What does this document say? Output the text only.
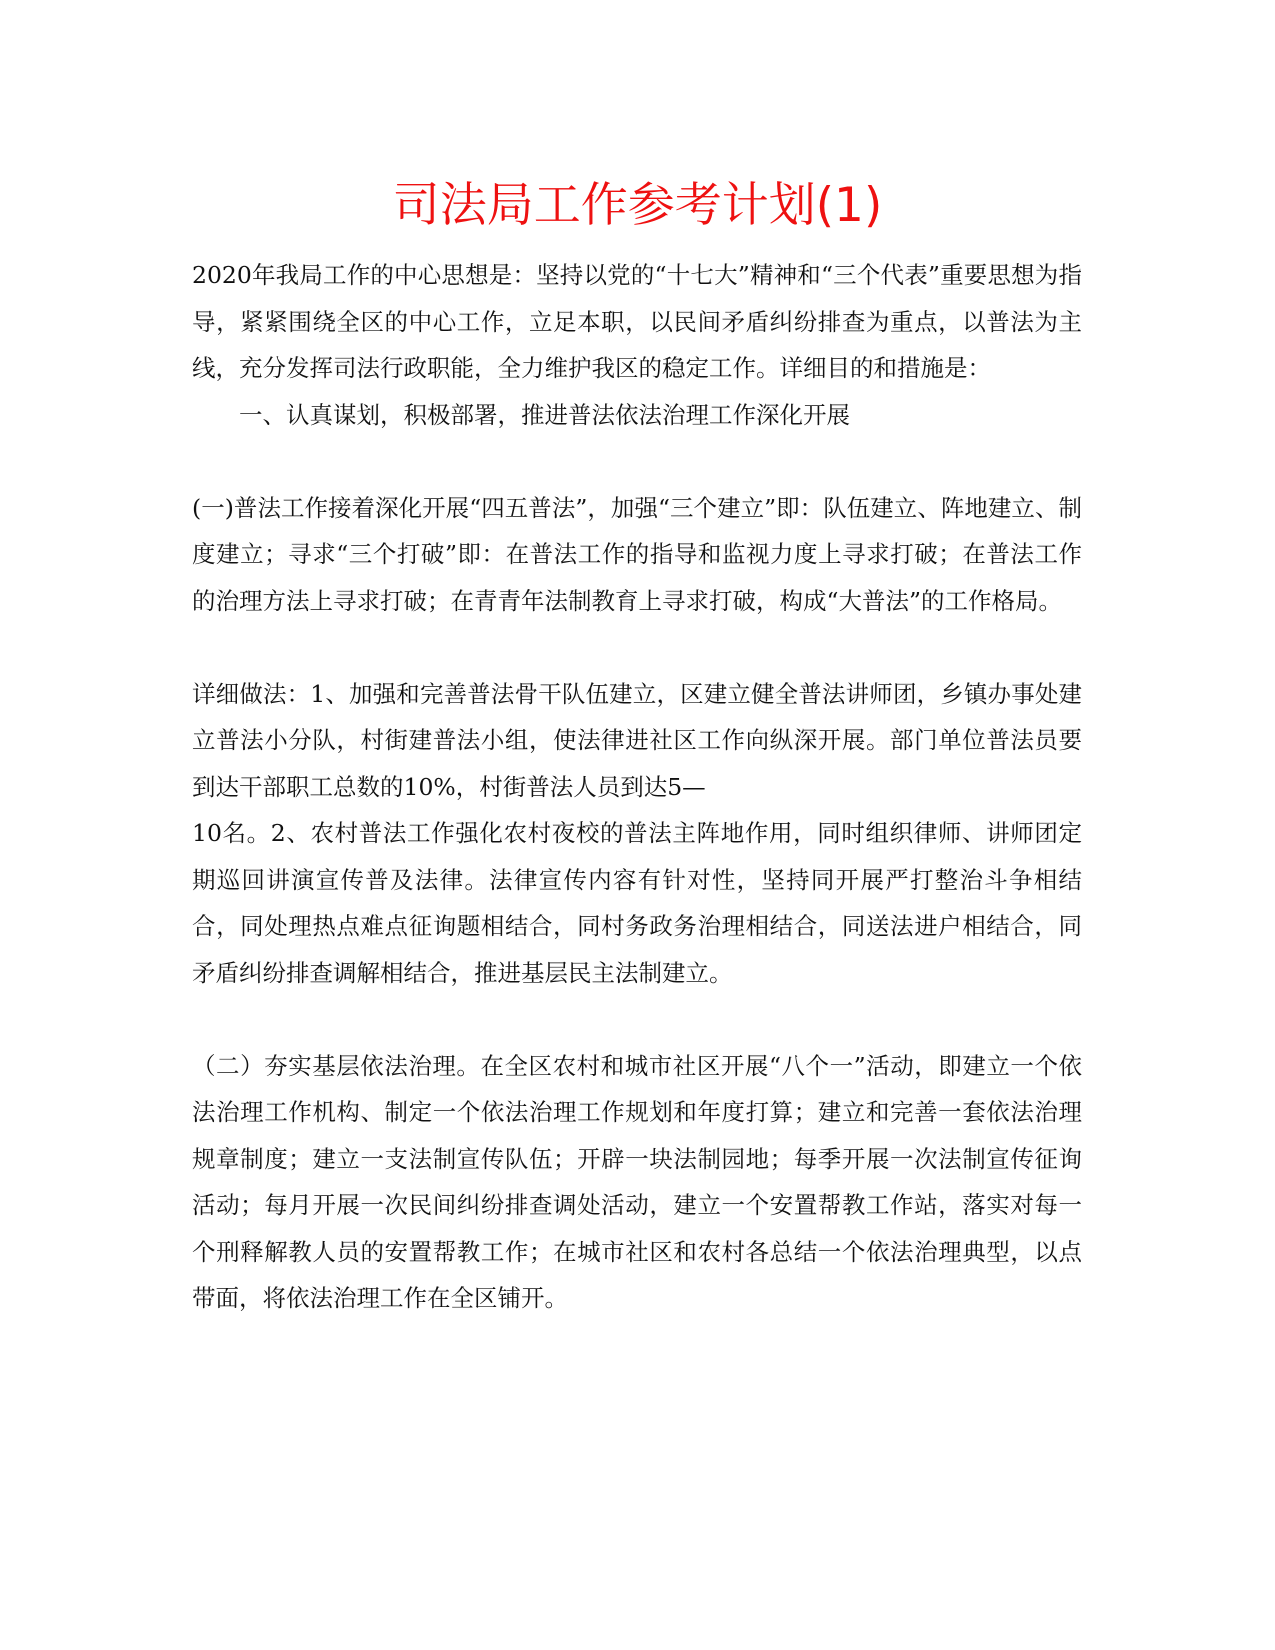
司法局工作参考计划(1)

2020年我局工作的中心思想是：坚持以党的“十七大”精神和“三个代表”重要思想为指导，紧紧围绕全区的中心工作，立足本职，以民间矛盾纠纷排查为重点，以普法为主线，充分发挥司法行政职能，全力维护我区的稳定工作。详细目的和措施是：

一、认真谋划，积极部署，推进普法依法治理工作深化开展

(一)普法工作接着深化开展“四五普法”，加强“三个建立”即：队伍建立、阵地建立、制度建立；寻求“三个打破”即：在普法工作的指导和监视力度上寻求打破；在普法工作的治理方法上寻求打破；在青青年法制教育上寻求打破，构成“大普法”的工作格局。

详细做法：1、加强和完善普法骨干队伍建立，区建立健全普法讲师团，乡镇办事处建立普法小分队，村街建普法小组，使法律进社区工作向纵深开展。部门单位普法员要到达干部职工总数的10%，村街普法人员到达5—

10名。2、农村普法工作强化农村夜校的普法主阵地作用，同时组织律师、讲师团定期巡回讲演宣传普及法律。法律宣传内容有针对性，坚持同开展严打整治斗争相结合，同处理热点难点征询题相结合，同村务政务治理相结合，同送法进户相结合，同矛盾纠纷排查调解相结合，推进基层民主法制建立。

（二）夯实基层依法治理。在全区农村和城市社区开展“八个一”活动，即建立一个依法治理工作机构、制定一个依法治理工作规划和年度打算；建立和完善一套依法治理规章制度；建立一支法制宣传队伍；开辟一块法制园地；每季开展一次法制宣传征询活动；每月开展一次民间纠纷排查调处活动，建立一个安置帮教工作站，落实对每一个刑释解教人员的安置帮教工作；在城市社区和农村各总结一个依法治理典型，以点带面，将依法治理工作在全区铺开。
